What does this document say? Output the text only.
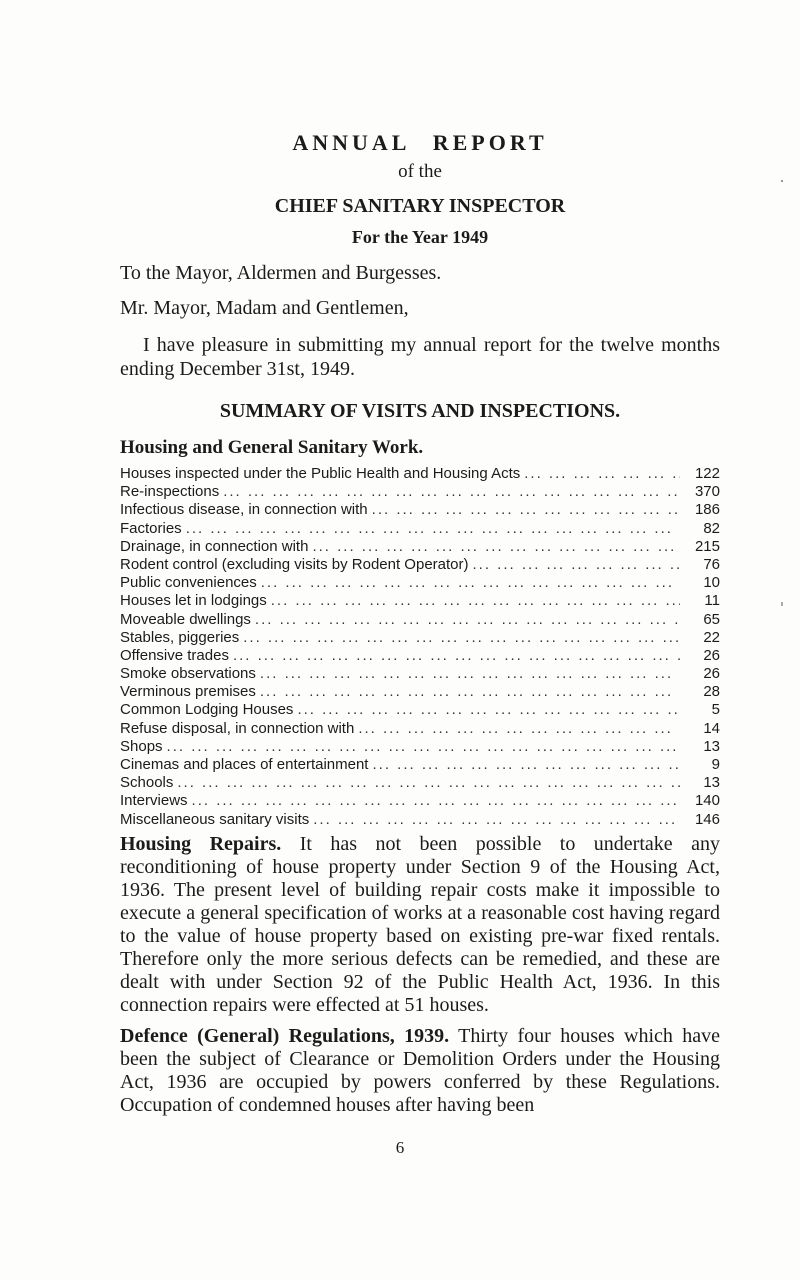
ANNUAL REPORT
of the
CHIEF SANITARY INSPECTOR
For the Year 1949
To the Mayor, Aldermen and Burgesses.
Mr. Mayor, Madam and Gentlemen,
I have pleasure in submitting my annual report for the twelve months ending December 31st, 1949.
SUMMARY OF VISITS AND INSPECTIONS.
Housing and General Sanitary Work.
Houses inspected under the Public Health and Housing Acts ... .	122
Re-inspections ... .	370
Infectious disease, in connection with ... .	186
Factories ... .	82
Drainage, in connection with ... .	215
Rodent control (excluding visits by Rodent Operator) ... .	76
Public conveniences ... .	10
Houses let in lodgings ... .	11
Moveable dwellings ... .	65
Stables, piggeries ... .	22
Offensive trades ... .	26
Smoke observations ... .	26
Verminous premises ... .	28
Common Lodging Houses ... .	5
Refuse disposal, in connection with ... .	14
Shops ... .	13
Cinemas and places of entertainment ... .	9
Schools ... .	13
Interviews ... .	140
Miscellaneous sanitary visits ... .	146
Housing Repairs. It has not been possible to undertake any reconditioning of house property under Section 9 of the Housing Act, 1936. The present level of building repair costs make it impossible to execute a general specification of works at a reasonable cost having regard to the value of house property based on existing pre-war fixed rentals. Therefore only the more serious defects can be remedied, and these are dealt with under Section 92 of the Public Health Act, 1936. In this connection repairs were effected at 51 houses.
Defence (General) Regulations, 1939. Thirty four houses which have been the subject of Clearance or Demolition Orders under the Housing Act, 1936 are occupied by powers conferred by these Regulations. Occupation of condemned houses after having been
6
